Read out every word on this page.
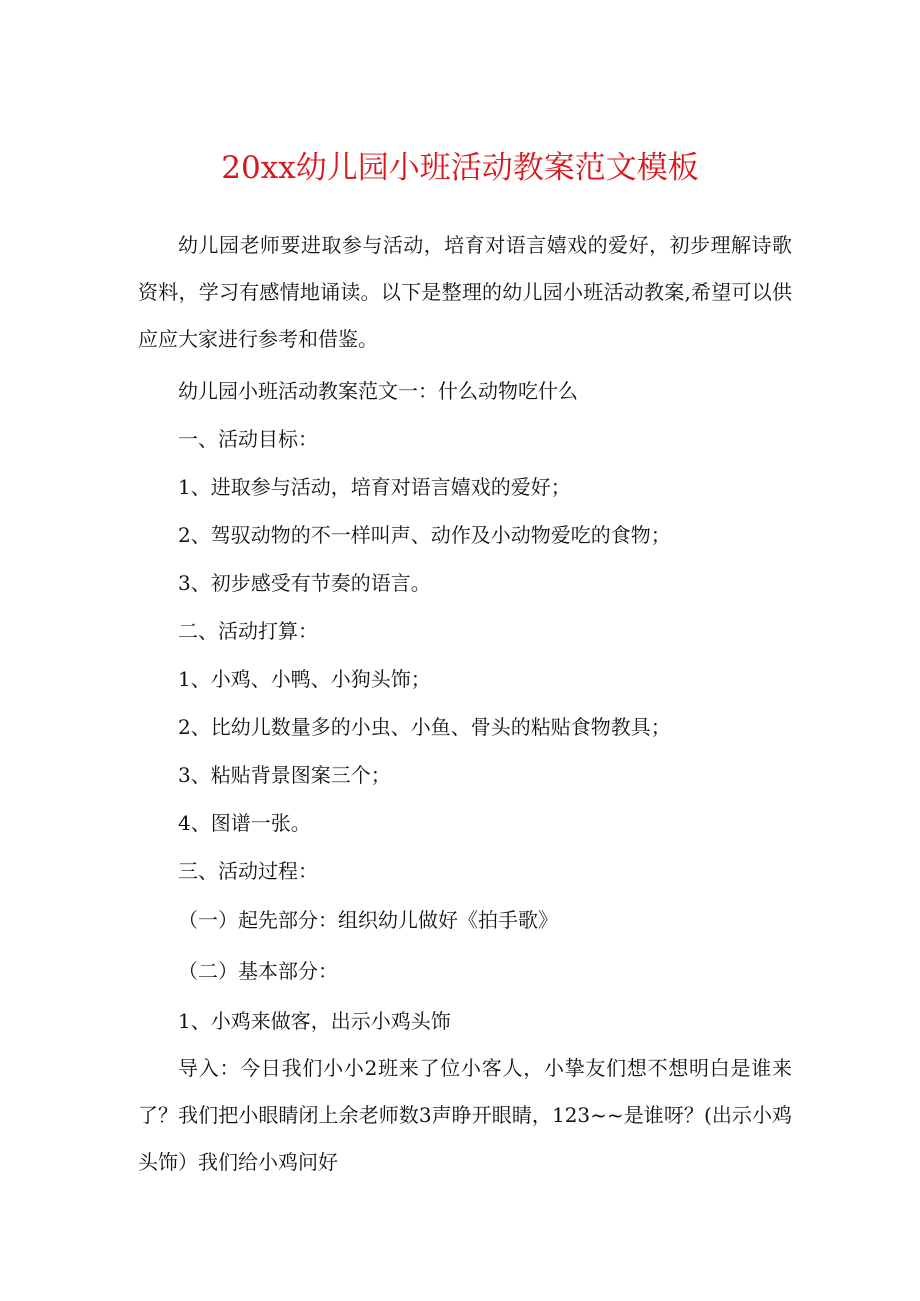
20xx幼儿园小班活动教案范文模板

幼儿园老师要进取参与活动，培育对语言嬉戏的爱好，初步理解诗歌资料，学习有感情地诵读。以下是整理的幼儿园小班活动教案,希望可以供应应大家进行参考和借鉴。

幼儿园小班活动教案范文一：什么动物吃什么

一、活动目标：

1、进取参与活动，培育对语言嬉戏的爱好；

2、驾驭动物的不一样叫声、动作及小动物爱吃的食物；

3、初步感受有节奏的语言。

二、活动打算：

1、小鸡、小鸭、小狗头饰；

2、比幼儿数量多的小虫、小鱼、骨头的粘贴食物教具；

3、粘贴背景图案三个；

4、图谱一张。

三、活动过程：

（一）起先部分：组织幼儿做好《拍手歌》

（二）基本部分：

1、小鸡来做客，出示小鸡头饰

导入：今日我们小小2班来了位小客人，小挚友们想不想明白是谁来了？我们把小眼睛闭上余老师数3声睁开眼睛，123~~是谁呀？(出示小鸡头饰）我们给小鸡问好
